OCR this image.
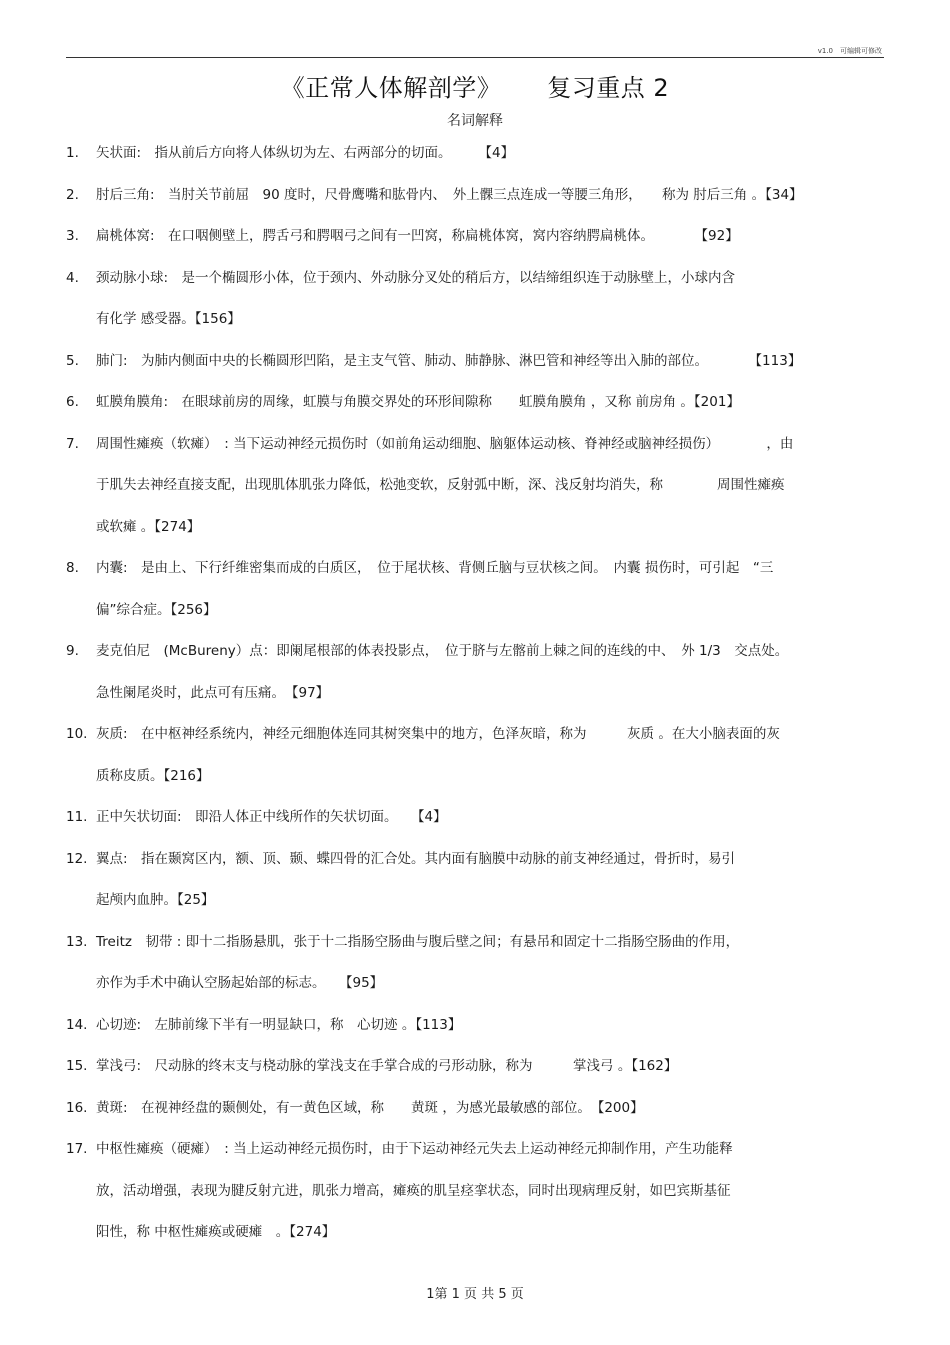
v1.0　可编辑可修改
《正常人体解剖学》 复习重点 2
名词解释
1. 矢状面:　指从前后方向将人体纵切为左、右两部分的切面。　　　【4】
2. 肘后三角:　当肘关节前屈　90 度时，尺骨鹰嘴和肱骨内、　外上髁三点连成一等腰三角形，　　称为 肘后三角 。【34】
3. 扁桃体窝:　在口咽侧壁上，腭舌弓和腭咽弓之间有一凹窝，称扁桃体窝，窝内容纳腭扁桃体。　　　　【92】
4. 颈动脉小球:　是一个椭圆形小体，位于颈内、外动脉分叉处的稍后方，以结缔组织连于动脉壁上，小球内含
有化学 感受器。【156】
5. 肺门:　为肺内侧面中央的长椭圆形凹陷，是主支气管、肺动、肺静脉、淋巴管和神经等出入肺的部位。　　　　【113】
6. 虹膜角膜角:　在眼球前房的周缘，虹膜与角膜交界处的环形间隙称　　虹膜角膜角 ，又称 前房角 。【201】
7. 周围性瘫痪（软瘫）　: 当下运动神经元损伤时（如前角运动细胞、脑躯体运动核、脊神经或脑神经损伤）　　　　，由
于肌失去神经直接支配，出现肌体肌张力降低，松弛变软，反射弧中断，深、浅反射均消失，称　　　　周围性瘫痪
或软瘫 。【274】
8. 内囊:　是由上、下行纤维密集而成的白质区，　位于尾状核、背侧丘脑与豆状核之间。　内囊 损伤时，可引起　“三
偏”综合症。【256】
9. 麦克伯尼　(McBureny）点：即阑尾根部的体表投影点，　位于脐与左髂前上棘之间的连线的中、　外 1/3　交点处。
急性阑尾炎时，此点可有压痛。　【97】
10. 灰质:　在中枢神经系统内，神经元细胞体连同其树突集中的地方，色泽灰暗，称为　　　灰质 。在大小脑表面的灰
质称皮质。【216】
11. 正中矢状切面:　即沿人体正中线所作的矢状切面。　　【4】
12. 翼点:　指在颞窝区内，额、顶、颞、蝶四骨的汇合处。其内面有脑膜中动脉的前支神经通过，骨折时，易引
起颅内血肿。【25】
13. Treitz　韧带 : 即十二指肠悬肌，张于十二指肠空肠曲与腹后壁之间；有悬吊和固定十二指肠空肠曲的作用，
亦作为手术中确认空肠起始部的标志。　　【95】
14. 心切迹:　左肺前缘下半有一明显缺口，称　心切迹 。【113】
15. 掌浅弓:　尺动脉的终末支与桡动脉的掌浅支在手掌合成的弓形动脉，称为　　　掌浅弓 。【162】
16. 黄斑:　在视神经盘的颞侧处，有一黄色区域，称　　黄斑 ，为感光最敏感的部位。　【200】
17. 中枢性瘫痪（硬瘫）　: 当上运动神经元损伤时，由于下运动神经元失去上运动神经元抑制作用，产生功能释
放，活动增强，表现为腱反射亢进，肌张力增高，瘫痪的肌呈痉挛状态，同时出现病理反射，如巴宾斯基征
阳性，称 中枢性瘫痪或硬瘫　。【274】
1第 1 页 共 5 页
